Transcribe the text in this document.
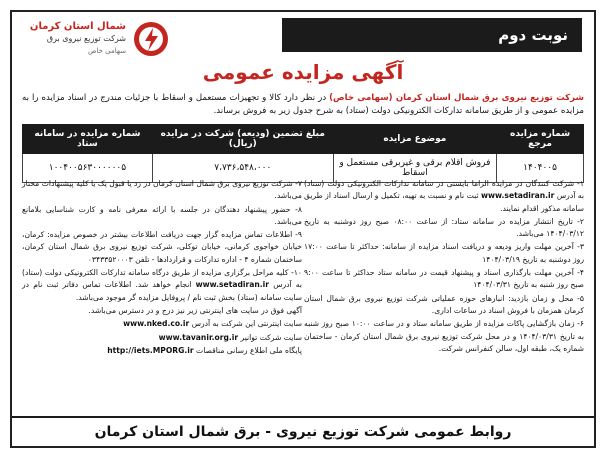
نوبت دوم
شمال استان کرمان
شرکت توزیع نیروی برق
سهامی خاص
آگهی مزایده عمومی
شرکت توزیع نیروی برق شمال استان کرمان (سهامی خاص) در نظر دارد کالا و تجهیزات مستعمل و اسقاط با جزئیات مندرج در اسناد مزایده را به مزایده عمومی و از طریق سامانه تدارکات الکترونیکی دولت (ستاد) به شرح جدول زیر به فروش برساند.
شماره مزایده مرجع	موضوع مزایده	مبلغ تضمین (ودیعه) شرکت در مزایده (ریال)	شماره مزایده در سامانه ستاد
۱۴۰۴۰۰۵	فروش اقلام برقی و غیربرقی مستعمل و اسقاط	۷،۷۳۶،۵۴۸،۰۰۰	۱۰۰۴۰۰۵۶۳۰۰۰۰۰۰۵

۱- شرکت کنندگان در مزایده الزاما بایستی در سامانه تدارکات الکترونیکی دولت (ستاد) به آدرس www.setadiran.ir ثبت نام و نسبت به تهیه، تکمیل و ارسال اسناد از طریق سامانه مذکور اقدام نمایند.

۲- تاریخ انتشار مزایده در سامانه ستاد: از ساعت ۰۸:۰۰ صبح روز دوشنبه به تاریخ ۱۴۰۴/۰۳/۱۲ می‌باشد.

۳- آخرین مهلت واریز ودیعه و دریافت اسناد مزایده از سامانه: حداکثر تا ساعت ۱۷:۰۰ روز دوشنبه به تاریخ ۱۴۰۴/۰۳/۱۹

۴- آخرین مهلت بارگذاری اسناد و پیشنهاد قیمت در سامانه ستاد حداکثر تا ساعت ۹:۰۰ صبح روز شنبه به تاریخ ۱۴۰۴/۰۳/۳۱

۵- محل و زمان بازدید: انبارهای حوزه عملیاتی شرکت توزیع نیروی برق شمال استان کرمان همزمان با فروش اسناد در ساعات اداری.

۶- زمان بازگشایی پاکات مزایده از طریق سامانه ستاد و در ساعت ۱۰:۰۰ صبح روز شنبه به تاریخ ۱۴۰۴/۰۳/۳۱ و در محل شرکت توزیع نیروی برق شمال استان کرمان - ساختمان شماره یک، طبقه اول، سالن کنفرانس شرکت.

۷- شرکت توزیع نیروی برق شمال استان کرمان در رد یا قبول یک یا کلیه پیشنهادات مختار می‌باشد.

۸- حضور پیشنهاد دهندگان در جلسه با ارائه معرفی نامه و کارت شناسایی بلامانع می‌باشد.

۹- اطلاعات تماس مزایده گزار جهت دریافت اطلاعات بیشتر در خصوص مزایده: کرمان، خیابان خواجوی کرمانی، خیابان توکلی، شرکت توزیع نیروی برق شمال استان کرمان، ساختمان شماره ۴ - اداره تدارکات و قراردادها - تلفن ۰۳۴۳۳۵۲۰۰۰۳

۱۰- کلیه مراحل برگزاری مزایده از طریق درگاه سامانه تدارکات الکترونیکی دولت (ستاد) به آدرس www.setadiran.ir انجام خواهد شد. اطلاعات تماس دفاتر ثبت نام در سایت سامانه (ستاد) بخش ثبت نام / پروفایل مزایده گر موجود می‌باشد.

آگهی فوق در سایت های اینترنتی زیر نیز درج و در دسترس می‌باشد.

سایت اینترنتی این شرکت به آدرس www.nked.co.ir

سایت شرکت توانیر www.tavanir.org.ir

پایگاه ملی اطلاع رسانی مناقصات http://iets.MPORG.ir

روابط عمومی شرکت توزیع نیروی - برق شمال استان کرمان
